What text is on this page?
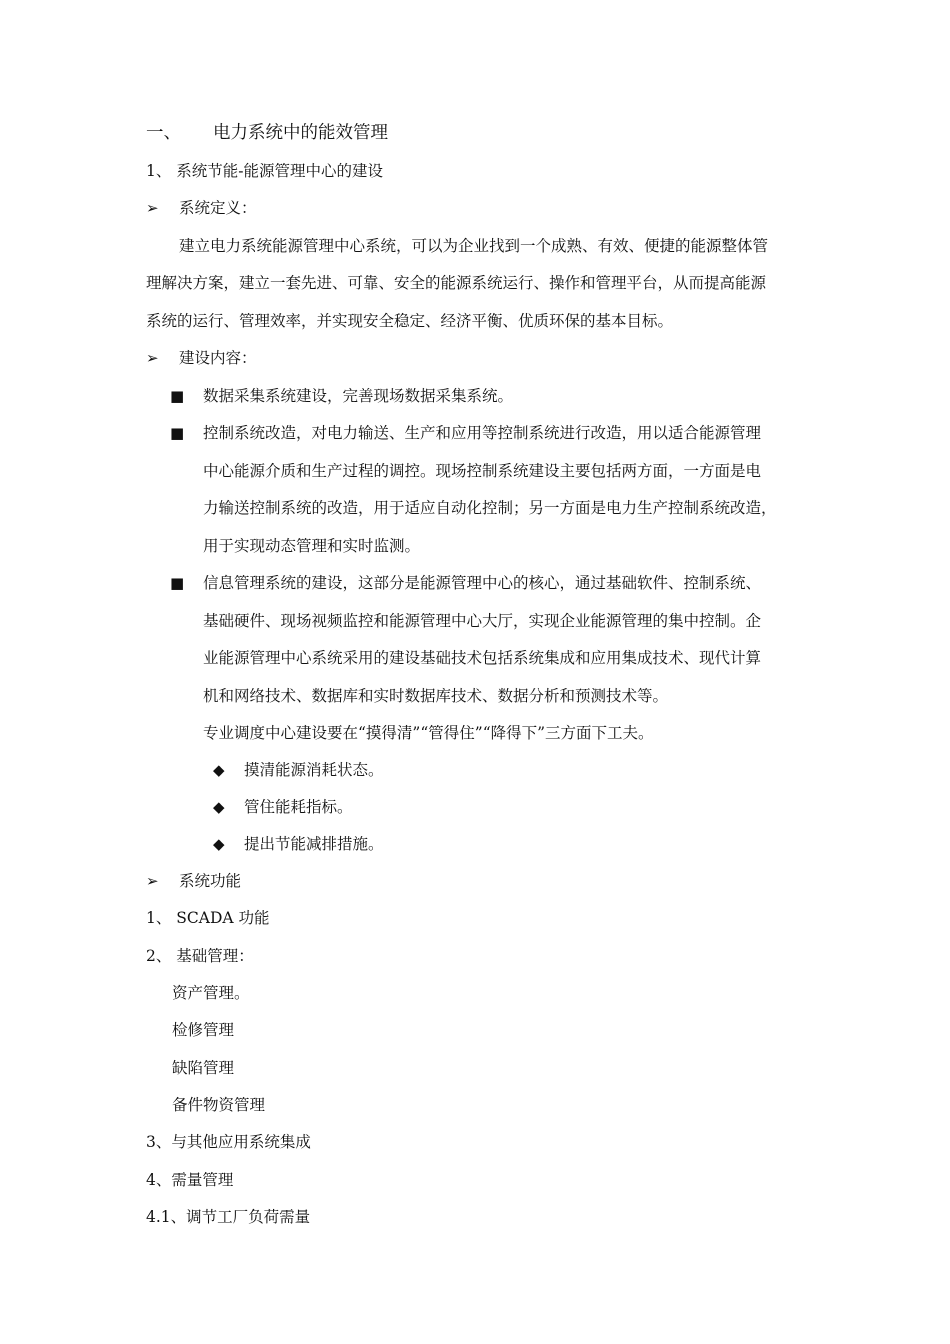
一、 电力系统中的能效管理
1、 系统节能-能源管理中心的建设
➢ 系统定义：
建立电力系统能源管理中心系统，可以为企业找到一个成熟、有效、便捷的能源整体管
理解决方案，建立一套先进、可靠、安全的能源系统运行、操作和管理平台，从而提高能源
系统的运行、管理效率，并实现安全稳定、经济平衡、优质环保的基本目标。
➢ 建设内容：
■ 数据采集系统建设，完善现场数据采集系统。
■ 控制系统改造，对电力输送、生产和应用等控制系统进行改造，用以适合能源管理
中心能源介质和生产过程的调控。现场控制系统建设主要包括两方面，一方面是电
力输送控制系统的改造，用于适应自动化控制；另一方面是电力生产控制系统改造，
用于实现动态管理和实时监测。
■ 信息管理系统的建设，这部分是能源管理中心的核心，通过基础软件、控制系统、
基础硬件、现场视频监控和能源管理中心大厅，实现企业能源管理的集中控制。企
业能源管理中心系统采用的建设基础技术包括系统集成和应用集成技术、现代计算
机和网络技术、数据库和实时数据库技术、数据分析和预测技术等。
专业调度中心建设要在“摸得清”“管得住”“降得下”三方面下工夫。
◆ 摸清能源消耗状态。
◆ 管住能耗指标。
◆ 提出节能减排措施。
➢ 系统功能
1、 SCADA 功能
2、 基础管理：
资产管理。
检修管理
缺陷管理
备件物资管理
3、与其他应用系统集成
4、需量管理
4.1、调节工厂负荷需量
